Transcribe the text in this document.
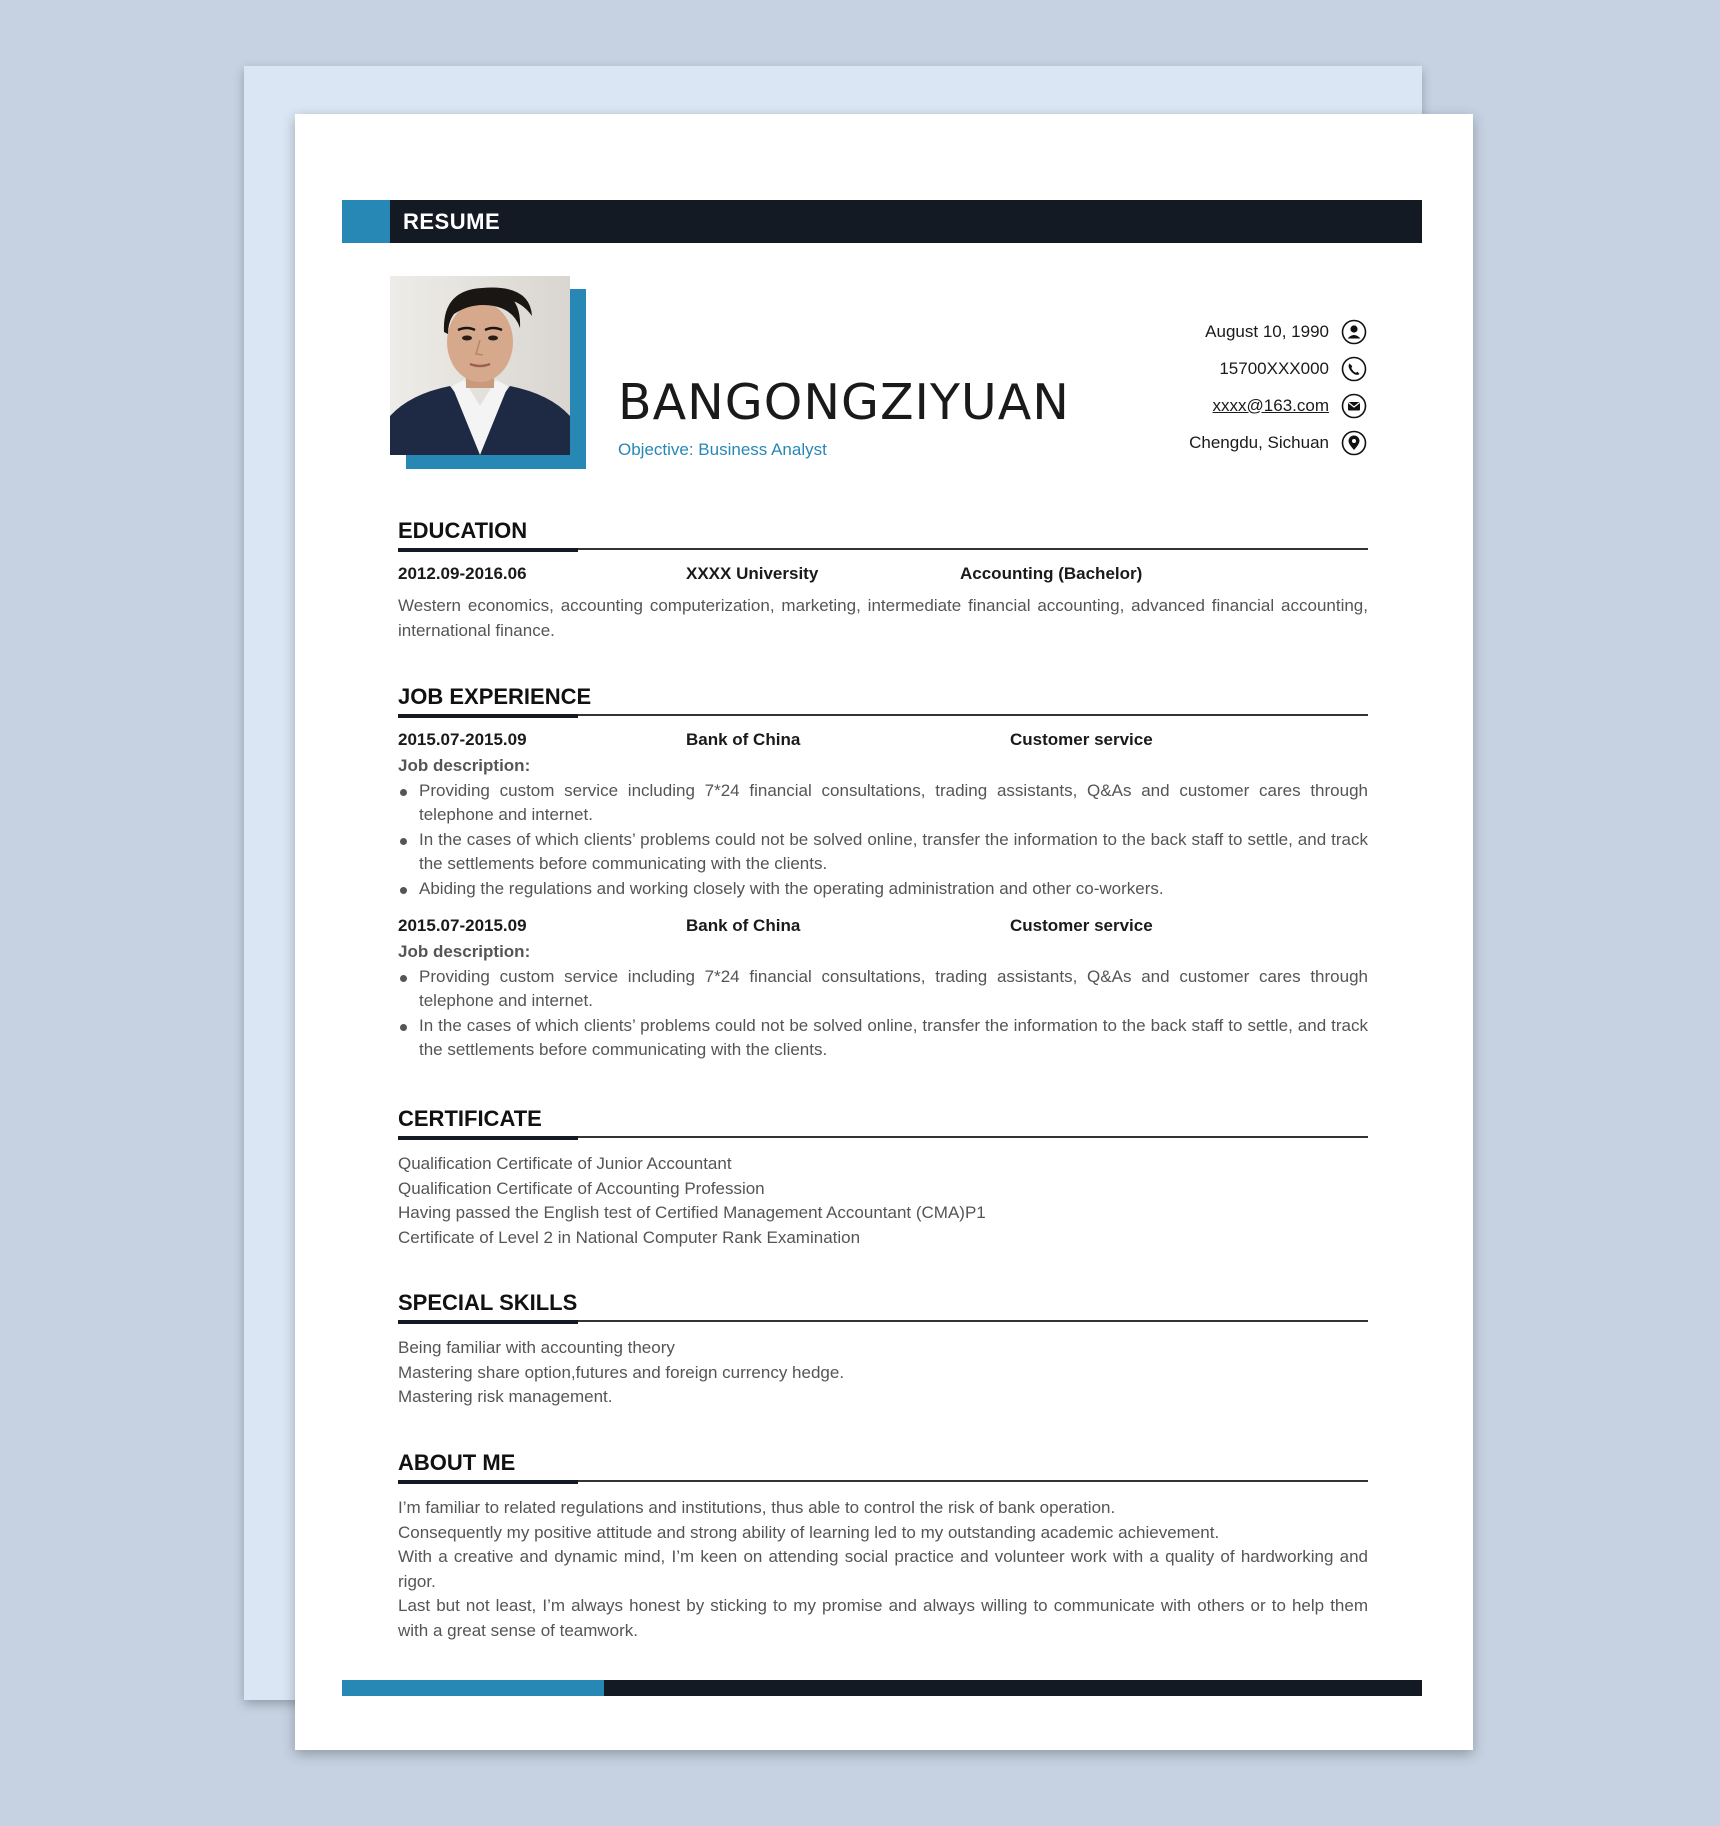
RESUME
BANGONGZIYUAN
Objective: Business Analyst
August 10, 1990
15700XXX000
xxxx@163.com
Chengdu, Sichuan
EDUCATION
2012.09-2016.06	XXXX University	Accounting (Bachelor)
Western economics, accounting computerization, marketing, intermediate financial accounting, advanced financial accounting, international finance.
JOB EXPERIENCE
2015.07-2015.09	Bank of China	Customer service
Job description:
Providing custom service including 7*24 financial consultations, trading assistants, Q&As and customer cares through telephone and internet.
In the cases of which clients’ problems could not be solved online, transfer the information to the back staff to settle, and track the settlements before communicating with the clients.
Abiding the regulations and working closely with the operating administration and other co-workers.
2015.07-2015.09	Bank of China	Customer service
Job description:
Providing custom service including 7*24 financial consultations, trading assistants, Q&As and customer cares through telephone and internet.
In the cases of which clients’ problems could not be solved online, transfer the information to the back staff to settle, and track the settlements before communicating with the clients.
CERTIFICATE
Qualification Certificate of Junior Accountant
Qualification Certificate of Accounting Profession
Having passed the English test of Certified Management Accountant (CMA)P1
Certificate of Level 2 in National Computer Rank Examination
SPECIAL SKILLS
Being familiar with accounting theory
Mastering share option,futures and foreign currency hedge.
Mastering risk management.
ABOUT ME
I’m familiar to related regulations and institutions, thus able to control the risk of bank operation.
Consequently my positive attitude and strong ability of learning led to my outstanding academic achievement.
With a creative and dynamic mind, I’m keen on attending social practice and volunteer work with a quality of hardworking and rigor.
Last but not least, I’m always honest by sticking to my promise and always willing to communicate with others or to help them with a great sense of teamwork.
